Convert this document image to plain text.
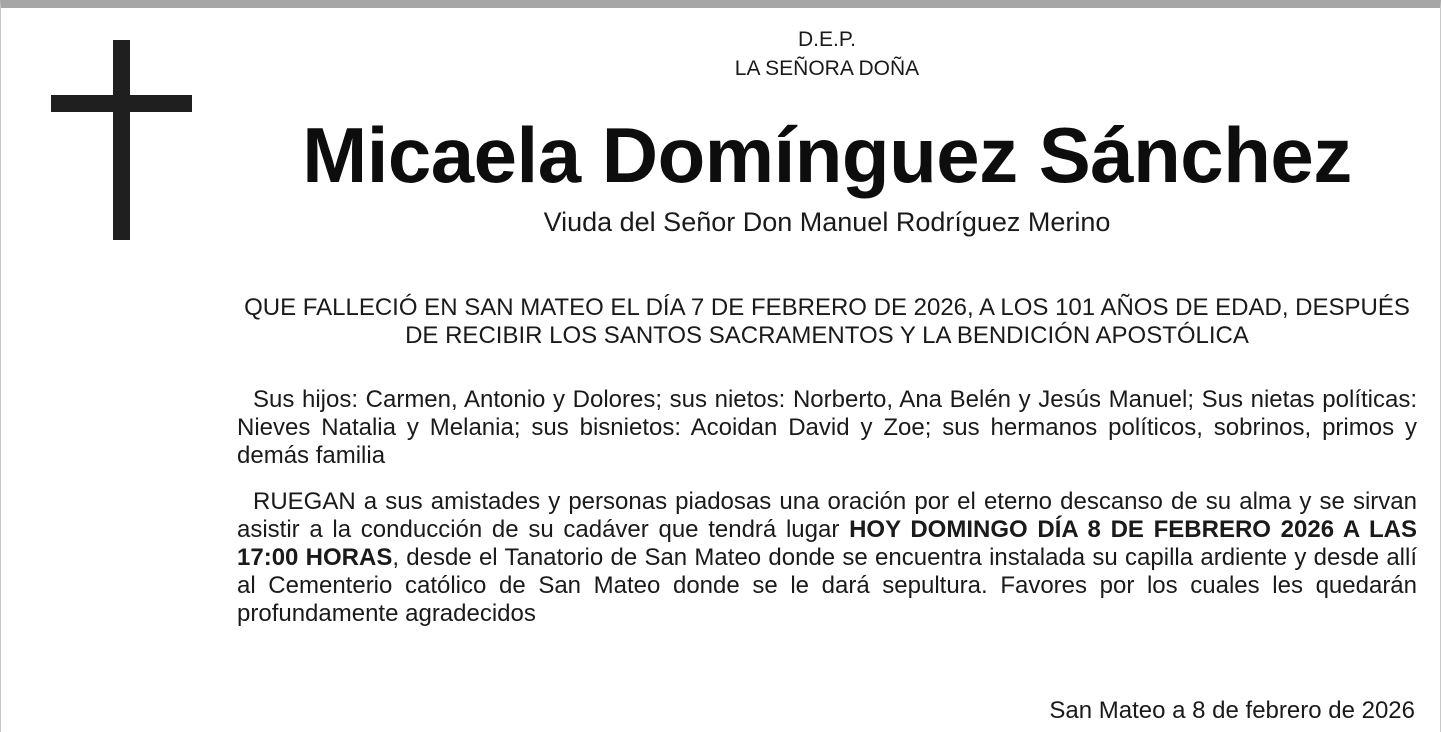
D.E.P.
LA SEÑORA DOÑA
Micaela Domínguez Sánchez
Viuda del Señor Don Manuel Rodríguez Merino
QUE FALLECIÓ EN SAN MATEO EL DÍA 7 DE FEBRERO DE 2026, A LOS 101 AÑOS DE EDAD, DESPUÉS DE RECIBIR LOS SANTOS SACRAMENTOS Y LA BENDICIÓN APOSTÓLICA
Sus hijos: Carmen, Antonio y Dolores; sus nietos: Norberto, Ana Belén y Jesús Manuel; Sus nietas políticas: Nieves Natalia y Melania; sus bisnietos: Acoidan David y Zoe; sus hermanos políticos, sobrinos, primos y demás familia
RUEGAN a sus amistades y personas piadosas una oración por el eterno descanso de su alma y se sirvan asistir a la conducción de su cadáver que tendrá lugar HOY DOMINGO DÍA 8 DE FEBRERO 2026 A LAS 17:00 HORAS, desde el Tanatorio de San Mateo donde se encuentra instalada su capilla ardiente y desde allí al Cementerio católico de San Mateo donde se le dará sepultura. Favores por los cuales les quedarán profundamente agradecidos
San Mateo a 8 de febrero de 2026
